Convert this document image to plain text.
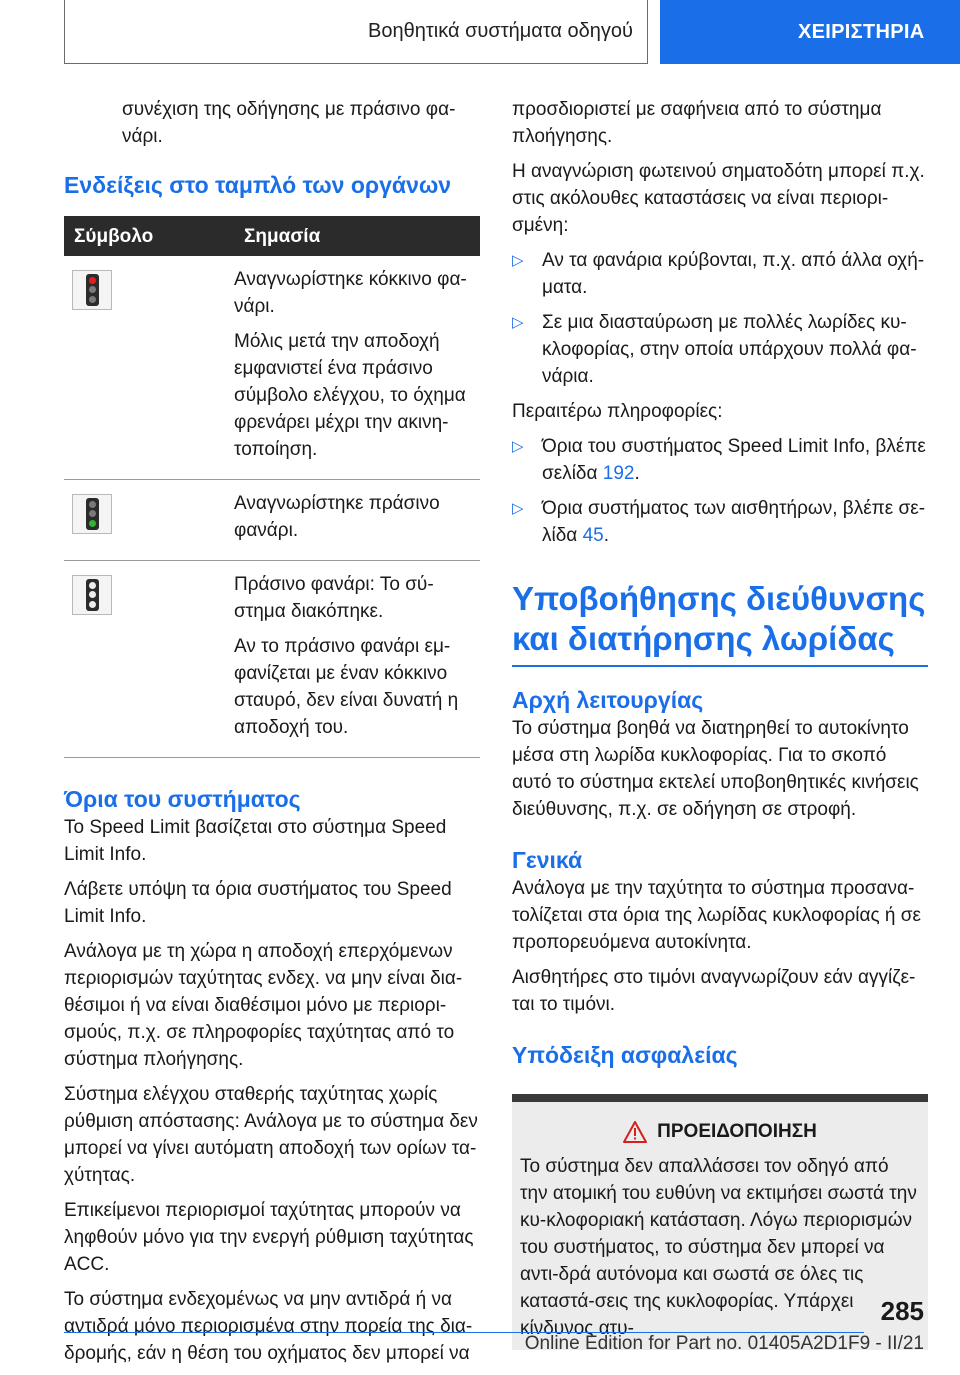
Βοηθητικά συστήματα οδηγού	ΧΕΙΡΙΣΤΗΡΙΑ

συνέχιση της οδήγησης με πράσινο φα-νάρι.

Ενδείξεις στο ταμπλό των οργάνων
Σύμβολο	Σημασία

	Αναγνωρίστηκε κόκκινο φα-νάρι.

Μόλις μετά την αποδοχή εμφανιστεί ένα πράσινο σύμβολο ελέγχου, το όχημα φρενάρει μέχρι την ακινη-τοποίηση.

	Αναγνωρίστηκε πράσινο φανάρι.

	Πράσινο φανάρι: Το σύ-στημα διακόπηκε.

Αν το πράσινο φανάρι εμ-φανίζεται με έναν κόκκινο σταυρό, δεν είναι δυνατή η αποδοχή του.

Όρια του συστήματος

Το Speed Limit βασίζεται στο σύστημα Speed Limit Info.

Λάβετε υπόψη τα όρια συστήματος του Speed Limit Info.

Ανάλογα με τη χώρα η αποδοχή επερχόμενων περιορισμών ταχύτητας ενδεχ. να μην είναι δια-θέσιμοι ή να είναι διαθέσιμοι μόνο με περιορι-σμούς, π.χ. σε πληροφορίες ταχύτητας από το σύστημα πλοήγησης.

Σύστημα ελέγχου σταθερής ταχύτητας χωρίς ρύθμιση απόστασης: Ανάλογα με το σύστημα δεν μπορεί να γίνει αυτόματη αποδοχή των ορίων τα-χύτητας.

Επικείμενοι περιορισμοί ταχύτητας μπορούν να ληφθούν μόνο για την ενεργή ρύθμιση ταχύτητας ACC.

Το σύστημα ενδεχομένως να μην αντιδρά ή να αντιδρά μόνο περιορισμένα στην πορεία της δια-δρομής, εάν η θέση του οχήματος δεν μπορεί να

προσδιοριστεί με σαφήνεια από το σύστημα πλοήγησης.

Η αναγνώριση φωτεινού σηματοδότη μπορεί π.χ. στις ακόλουθες καταστάσεις να είναι περιορι-σμένη:

▷ Αν τα φανάρια κρύβονται, π.χ. από άλλα οχή-ματα.
▷ Σε μια διασταύρωση με πολλές λωρίδες κυ-κλοφορίας, στην οποία υπάρχουν πολλά φα-νάρια.

Περαιτέρω πληροφορίες:

▷ Όρια του συστήματος Speed Limit Info, βλέπε σελίδα 192.
▷ Όρια συστήματος των αισθητήρων, βλέπε σε-λίδα 45.
Υποβοήθησης διεύθυνσης και διατήρησης λωρίδας
Αρχή λειτουργίας

Το σύστημα βοηθά να διατηρηθεί το αυτοκίνητο μέσα στη λωρίδα κυκλοφορίας. Για το σκοπό αυτό το σύστημα εκτελεί υποβοηθητικές κινήσεις διεύθυνσης, π.χ. σε οδήγηση σε στροφή.

Γενικά

Ανάλογα με την ταχύτητα το σύστημα προσανα-τολίζεται στα όρια της λωρίδας κυκλοφορίας ή σε προπορευόμενα αυτοκίνητα.

Αισθητήρες στο τιμόνι αναγνωρίζουν εάν αγγίζε-ται το τιμόνι.

Υπόδειξη ασφαλείας
ΠΡΟΕΙΔΟΠΟΙΗΣΗ

Το σύστημα δεν απαλλάσσει τον οδηγό από την ατομική του ευθύνη να εκτιμήσει σωστά την κυ-κλοφοριακή κατάσταση. Λόγω περιορισμών του συστήματος, το σύστημα δεν μπορεί να αντι-δρά αυτόνομα και σωστά σε όλες τις καταστά-σεις της κυκλοφορίας. Υπάρχει κίνδυνος ατυ-

285
Online Edition for Part no. 01405A2D1F9 - II/21
